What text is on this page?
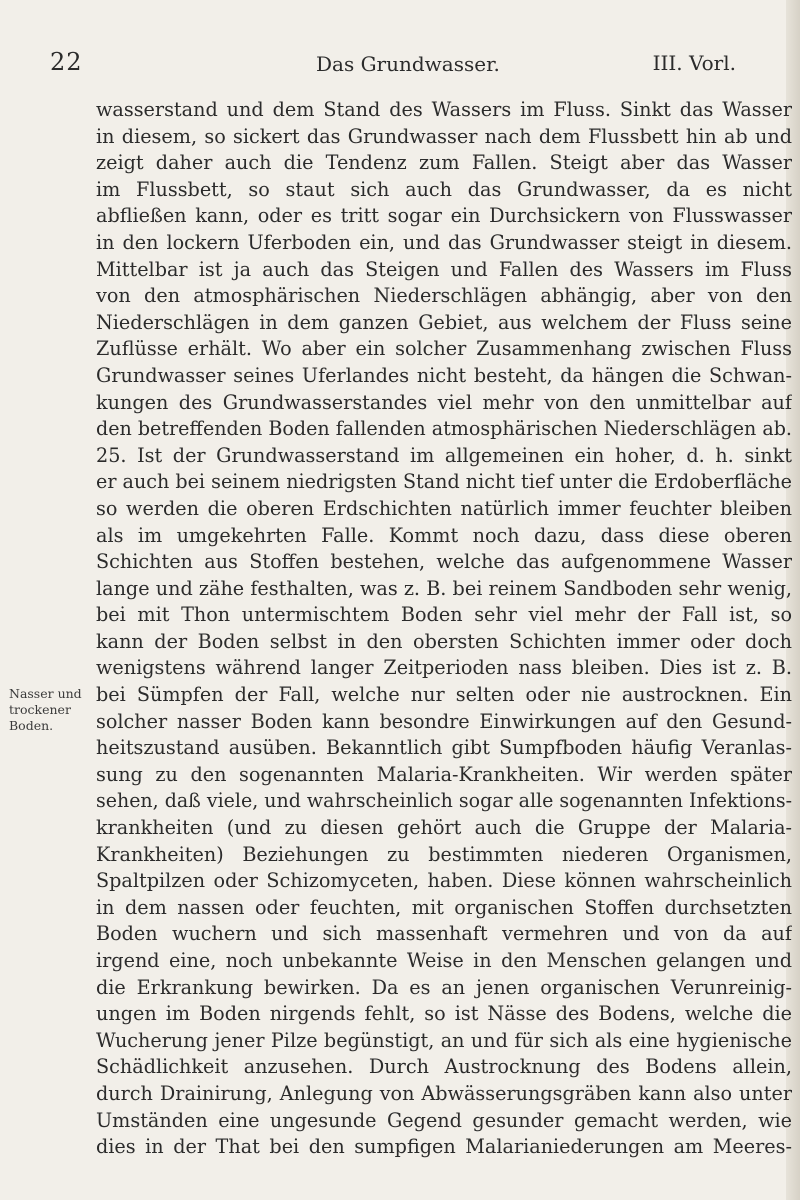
22	Das Grundwasser.	III. Vorl.
Nasser und
trockener
Boden.
wasserstand und dem Stand des Wassers im Fluss. Sinkt das Wasser
in diesem, so sickert das Grundwasser nach dem Flussbett hin ab und
zeigt daher auch die Tendenz zum Fallen. Steigt aber das Wasser
im Flussbett, so staut sich auch das Grundwasser, da es nicht
abfließen kann, oder es tritt sogar ein Durchsickern von Flusswasser
in den lockern Uferboden ein, und das Grundwasser steigt in diesem.
Mittelbar ist ja auch das Steigen und Fallen des Wassers im Fluss
von den atmosphärischen Niederschlägen abhängig, aber von den
Niederschlägen in dem ganzen Gebiet, aus welchem der Fluss seine
Zuflüsse erhält. Wo aber ein solcher Zusammenhang zwischen Fluss
Grundwasser seines Uferlandes nicht besteht, da hängen die Schwan-
kungen des Grundwasserstandes viel mehr von den unmittelbar auf
den betreffenden Boden fallenden atmosphärischen Niederschlägen ab.
25. Ist der Grundwasserstand im allgemeinen ein hoher, d. h. sinkt
er auch bei seinem niedrigsten Stand nicht tief unter die Erdoberfläche
so werden die oberen Erdschichten natürlich immer feuchter bleiben
als im umgekehrten Falle. Kommt noch dazu, dass diese oberen
Schichten aus Stoffen bestehen, welche das aufgenommene Wasser
lange und zähe festhalten, was z. B. bei reinem Sandboden sehr wenig,
bei mit Thon untermischtem Boden sehr viel mehr der Fall ist, so
kann der Boden selbst in den obersten Schichten immer oder doch
wenigstens während langer Zeitperioden nass bleiben. Dies ist z. B.
bei Sümpfen der Fall, welche nur selten oder nie austrocknen. Ein
solcher nasser Boden kann besondre Einwirkungen auf den Gesund-
heitszustand ausüben. Bekanntlich gibt Sumpfboden häufig Veranlas-
sung zu den sogenannten Malaria-Krankheiten. Wir werden später
sehen, daß viele, und wahrscheinlich sogar alle sogenannten Infektions-
krankheiten (und zu diesen gehört auch die Gruppe der Malaria-
Krankheiten) Beziehungen zu bestimmten niederen Organismen,
Spaltpilzen oder Schizomyceten, haben. Diese können wahrscheinlich
in dem nassen oder feuchten, mit organischen Stoffen durchsetzten
Boden wuchern und sich massenhaft vermehren und von da auf
irgend eine, noch unbekannte Weise in den Menschen gelangen und
die Erkrankung bewirken. Da es an jenen organischen Verunreinig-
ungen im Boden nirgends fehlt, so ist Nässe des Bodens, welche die
Wucherung jener Pilze begünstigt, an und für sich als eine hygienische
Schädlichkeit anzusehen. Durch Austrocknung des Bodens allein,
durch Drainirung, Anlegung von Abwässerungsgräben kann also unter
Umständen eine ungesunde Gegend gesunder gemacht werden, wie
dies in der That bei den sumpfigen Malarianiederungen am Meeres-
